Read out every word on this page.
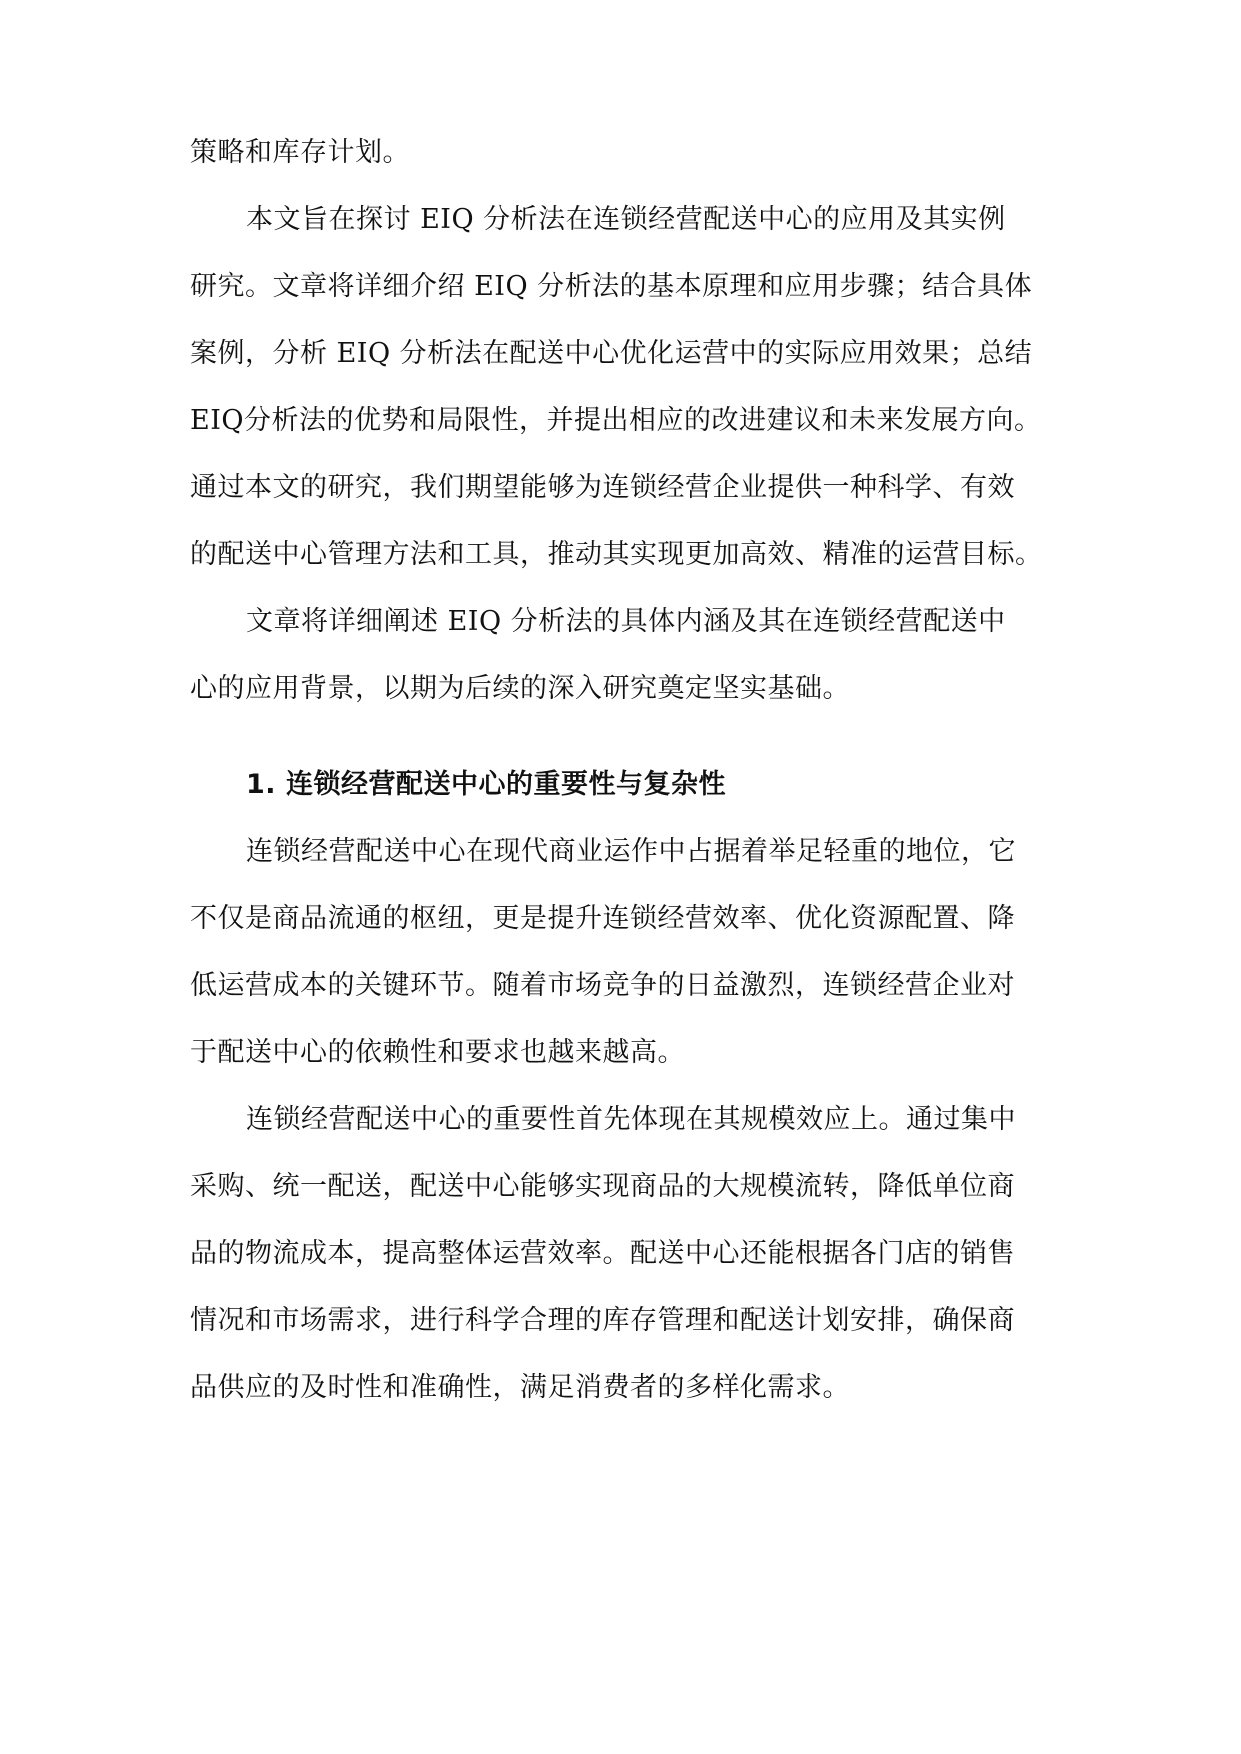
策略和库存计划。
本文旨在探讨 EIQ 分析法在连锁经营配送中心的应用及其实例
研究。文章将详细介绍 EIQ 分析法的基本原理和应用步骤；结合具体
案例，分析 EIQ 分析法在配送中心优化运营中的实际应用效果；总结
EIQ分析法的优势和局限性，并提出相应的改进建议和未来发展方向。
通过本文的研究，我们期望能够为连锁经营企业提供一种科学、有效
的配送中心管理方法和工具，推动其实现更加高效、精准的运营目标。
文章将详细阐述 EIQ 分析法的具体内涵及其在连锁经营配送中
心的应用背景，以期为后续的深入研究奠定坚实基础。
1. 连锁经营配送中心的重要性与复杂性
连锁经营配送中心在现代商业运作中占据着举足轻重的地位，它
不仅是商品流通的枢纽，更是提升连锁经营效率、优化资源配置、降
低运营成本的关键环节。随着市场竞争的日益激烈，连锁经营企业对
于配送中心的依赖性和要求也越来越高。
连锁经营配送中心的重要性首先体现在其规模效应上。通过集中
采购、统一配送，配送中心能够实现商品的大规模流转，降低单位商
品的物流成本，提高整体运营效率。配送中心还能根据各门店的销售
情况和市场需求，进行科学合理的库存管理和配送计划安排，确保商
品供应的及时性和准确性，满足消费者的多样化需求。
